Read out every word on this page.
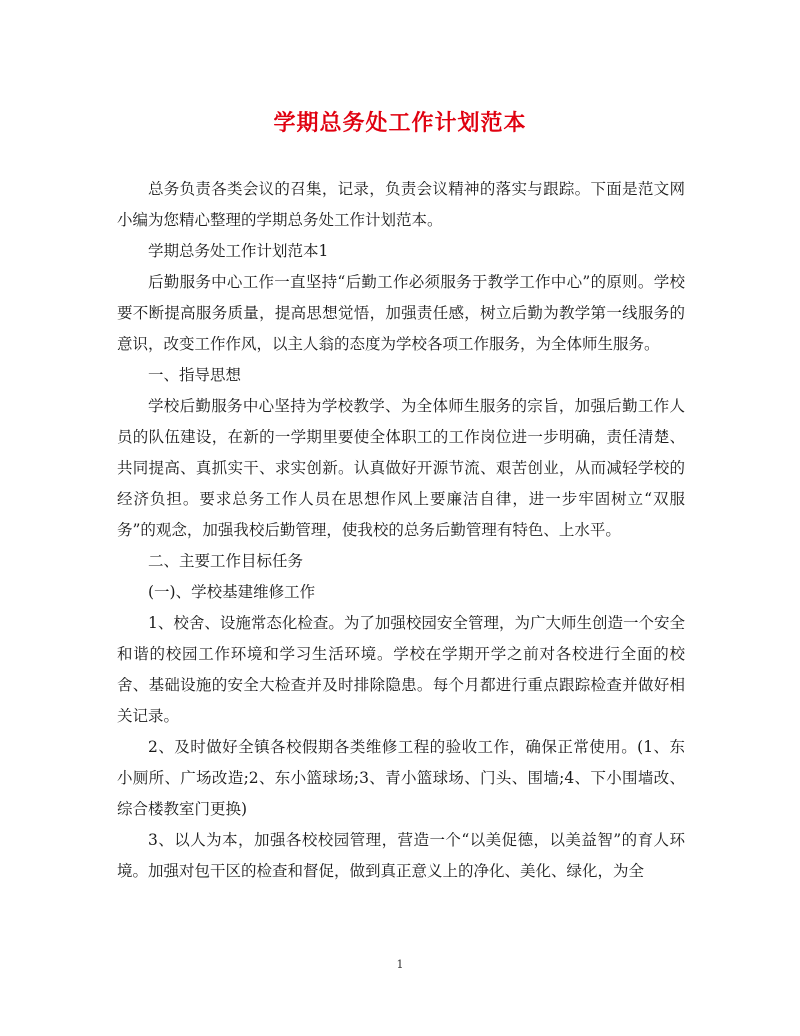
学期总务处工作计划范本

总务负责各类会议的召集，记录，负责会议精神的落实与跟踪。下面是范文网小编为您精心整理的学期总务处工作计划范本。

学期总务处工作计划范本1

后勤服务中心工作一直坚持“后勤工作必须服务于教学工作中心”的原则。学校要不断提高服务质量，提高思想觉悟，加强责任感，树立后勤为教学第一线服务的意识，改变工作作风，以主人翁的态度为学校各项工作服务，为全体师生服务。

一、指导思想

学校后勤服务中心坚持为学校教学、为全体师生服务的宗旨，加强后勤工作人员的队伍建设，在新的一学期里要使全体职工的工作岗位进一步明确，责任清楚、共同提高、真抓实干、求实创新。认真做好开源节流、艰苦创业，从而减轻学校的经济负担。要求总务工作人员在思想作风上要廉洁自律，进一步牢固树立“双服务”的观念，加强我校后勤管理，使我校的总务后勤管理有特色、上水平。

二、主要工作目标任务

(一)、学校基建维修工作

1、校舍、设施常态化检查。为了加强校园安全管理，为广大师生创造一个安全和谐的校园工作环境和学习生活环境。学校在学期开学之前对各校进行全面的校舍、基础设施的安全大检查并及时排除隐患。每个月都进行重点跟踪检查并做好相关记录。

2、及时做好全镇各校假期各类维修工程的验收工作，确保正常使用。(1、东小厕所、广场改造;2、东小篮球场;3、青小篮球场、门头、围墙;4、下小围墙改、综合楼教室门更换)

3、以人为本，加强各校校园管理，营造一个“以美促德，以美益智”的育人环境。加强对包干区的检查和督促，做到真正意义上的净化、美化、绿化，为全

1
